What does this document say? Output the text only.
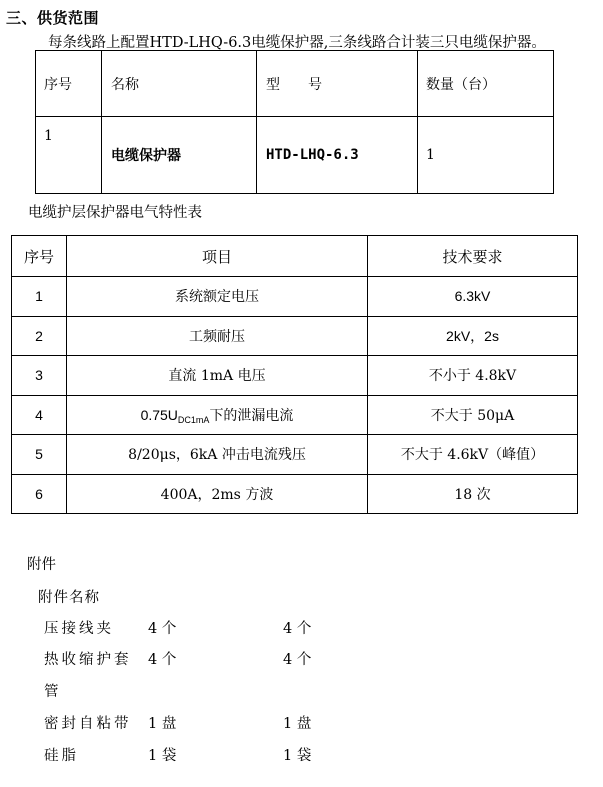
三、供货范围
每条线路上配置HTD-LHQ-6.3电缆保护器,三条线路合计装三只电缆保护器。
序号	名称	型　　号	数量（台）
1	电缆保护器	HTD-LHQ-6.3	1
电缆护层保护器电气特性表
序号	项目	技术要求
1	系统额定电压	6.3kV
2	工频耐压	2kV，2s
3	直流 1mA 电压	不小于 4.8kV
4	$0.75U_{DC1mA}$下的泄漏电流	不大于 50μA
5	8/20μs，6kA 冲击电流残压	不大于 4.6kV（峰值）
6	400A，2ms 方波	18 次
附件
附件名称
压接线夹 4 个	4 个
热收缩护套 4 个	4 个
管
密封自粘带 1 盘	1 盘
硅脂	1 袋	1 袋
